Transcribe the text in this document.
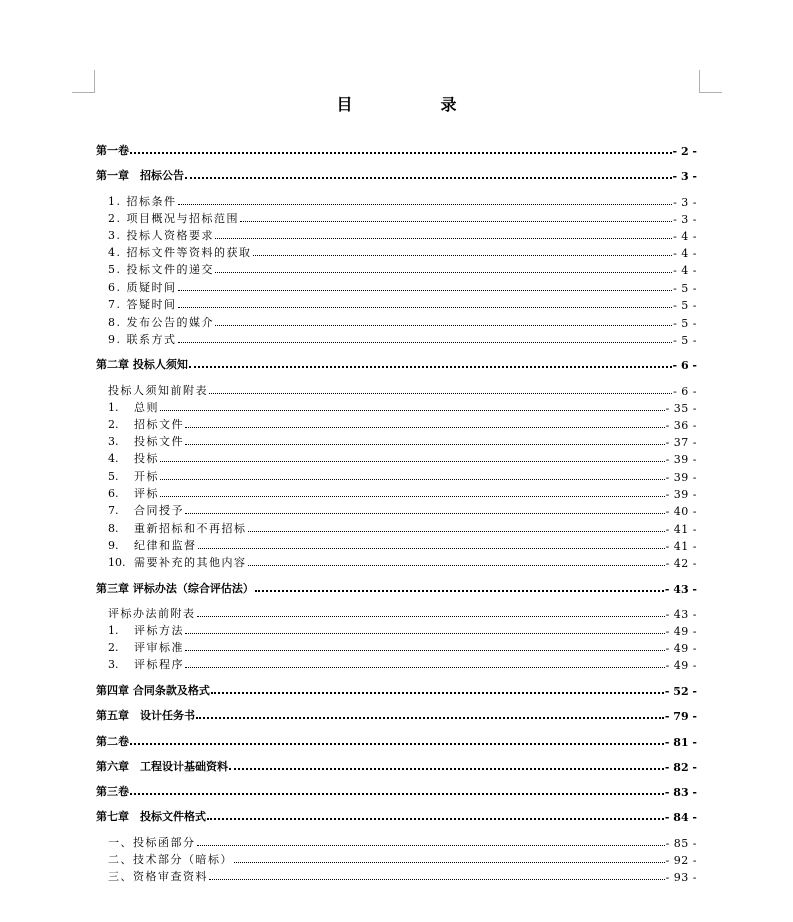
目　录
第一卷	- 2 -
第一章　招标公告	- 3 -
1. 招标条件	- 3 -
2. 项目概况与招标范围	- 3 -
3. 投标人资格要求	- 4 -
4. 招标文件等资料的获取	- 4 -
5. 投标文件的递交	- 4 -
6. 质疑时间	- 5 -
7. 答疑时间	- 5 -
8. 发布公告的媒介	- 5 -
9. 联系方式	- 5 -
第二章 投标人须知	- 6 -
投标人须知前附表	- 6 -
1. 总则	- 35 -
2. 招标文件	- 36 -
3. 投标文件	- 37 -
4. 投标	- 39 -
5. 开标	- 39 -
6. 评标	- 39 -
7. 合同授予	- 40 -
8. 重新招标和不再招标	- 41 -
9. 纪律和监督	- 41 -
10. 需要补充的其他内容	- 42 -
第三章 评标办法（综合评估法）	- 43 -
评标办法前附表	- 43 -
1. 评标方法	- 49 -
2. 评审标准	- 49 -
3. 评标程序	- 49 -
第四章 合同条款及格式	- 52 -
第五章　设计任务书	- 79 -
第二卷	- 81 -
第六章　工程设计基础资料	- 82 -
第三卷	- 83 -
第七章　投标文件格式	- 84 -
一、投标函部分	- 85 -
二、技术部分（暗标）	- 92 -
三、资格审查资料	- 93 -
